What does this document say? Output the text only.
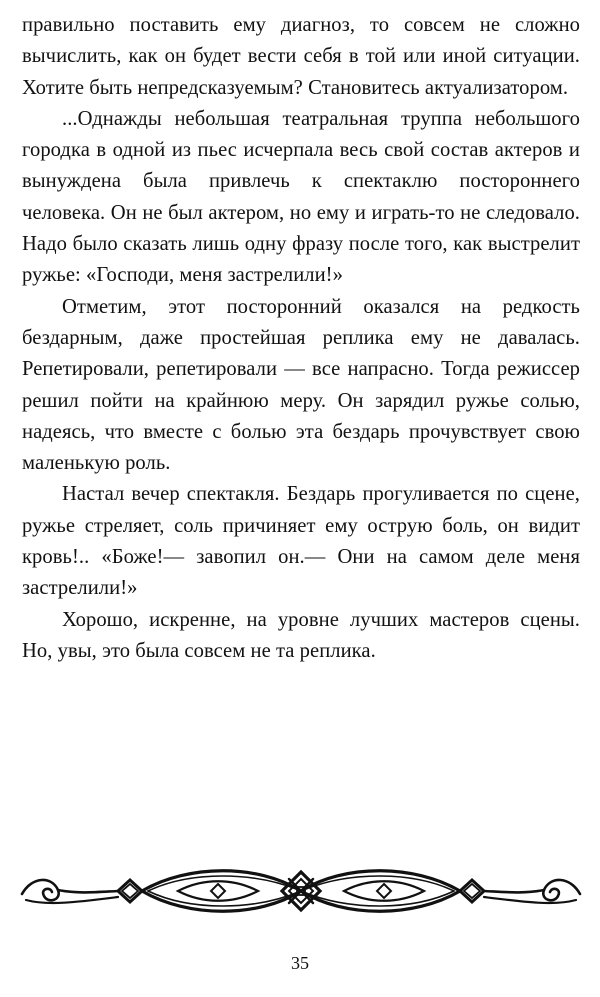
правильно поставить ему диагноз, то совсем не сложно вычислить, как он будет вести себя в той или иной ситуации. Хотите быть непредсказуемым? Становитесь актуализатором.

...Однажды небольшая театральная труппа небольшого городка в одной из пьес исчерпала весь свой состав актеров и вынуждена была привлечь к спектаклю постороннего человека. Он не был актером, но ему и играть-то не следовало. Надо было сказать лишь одну фразу после того, как выстрелит ружье: «Господи, меня застрелили!»

Отметим, этот посторонний оказался на редкость бездарным, даже простейшая реплика ему не давалась. Репетировали, репетировали — все напрасно. Тогда режиссер решил пойти на крайнюю меру. Он зарядил ружье солью, надеясь, что вместе с болью эта бездарь прочувствует свою маленькую роль.

Настал вечер спектакля. Бездарь прогуливается по сцене, ружье стреляет, соль причиняет ему острую боль, он видит кровь!.. «Боже!— завопил он.— Они на самом деле меня застрелили!»

Хорошо, искренне, на уровне лучших мастеров сцены. Но, увы, это была совсем не та реплика.

35
